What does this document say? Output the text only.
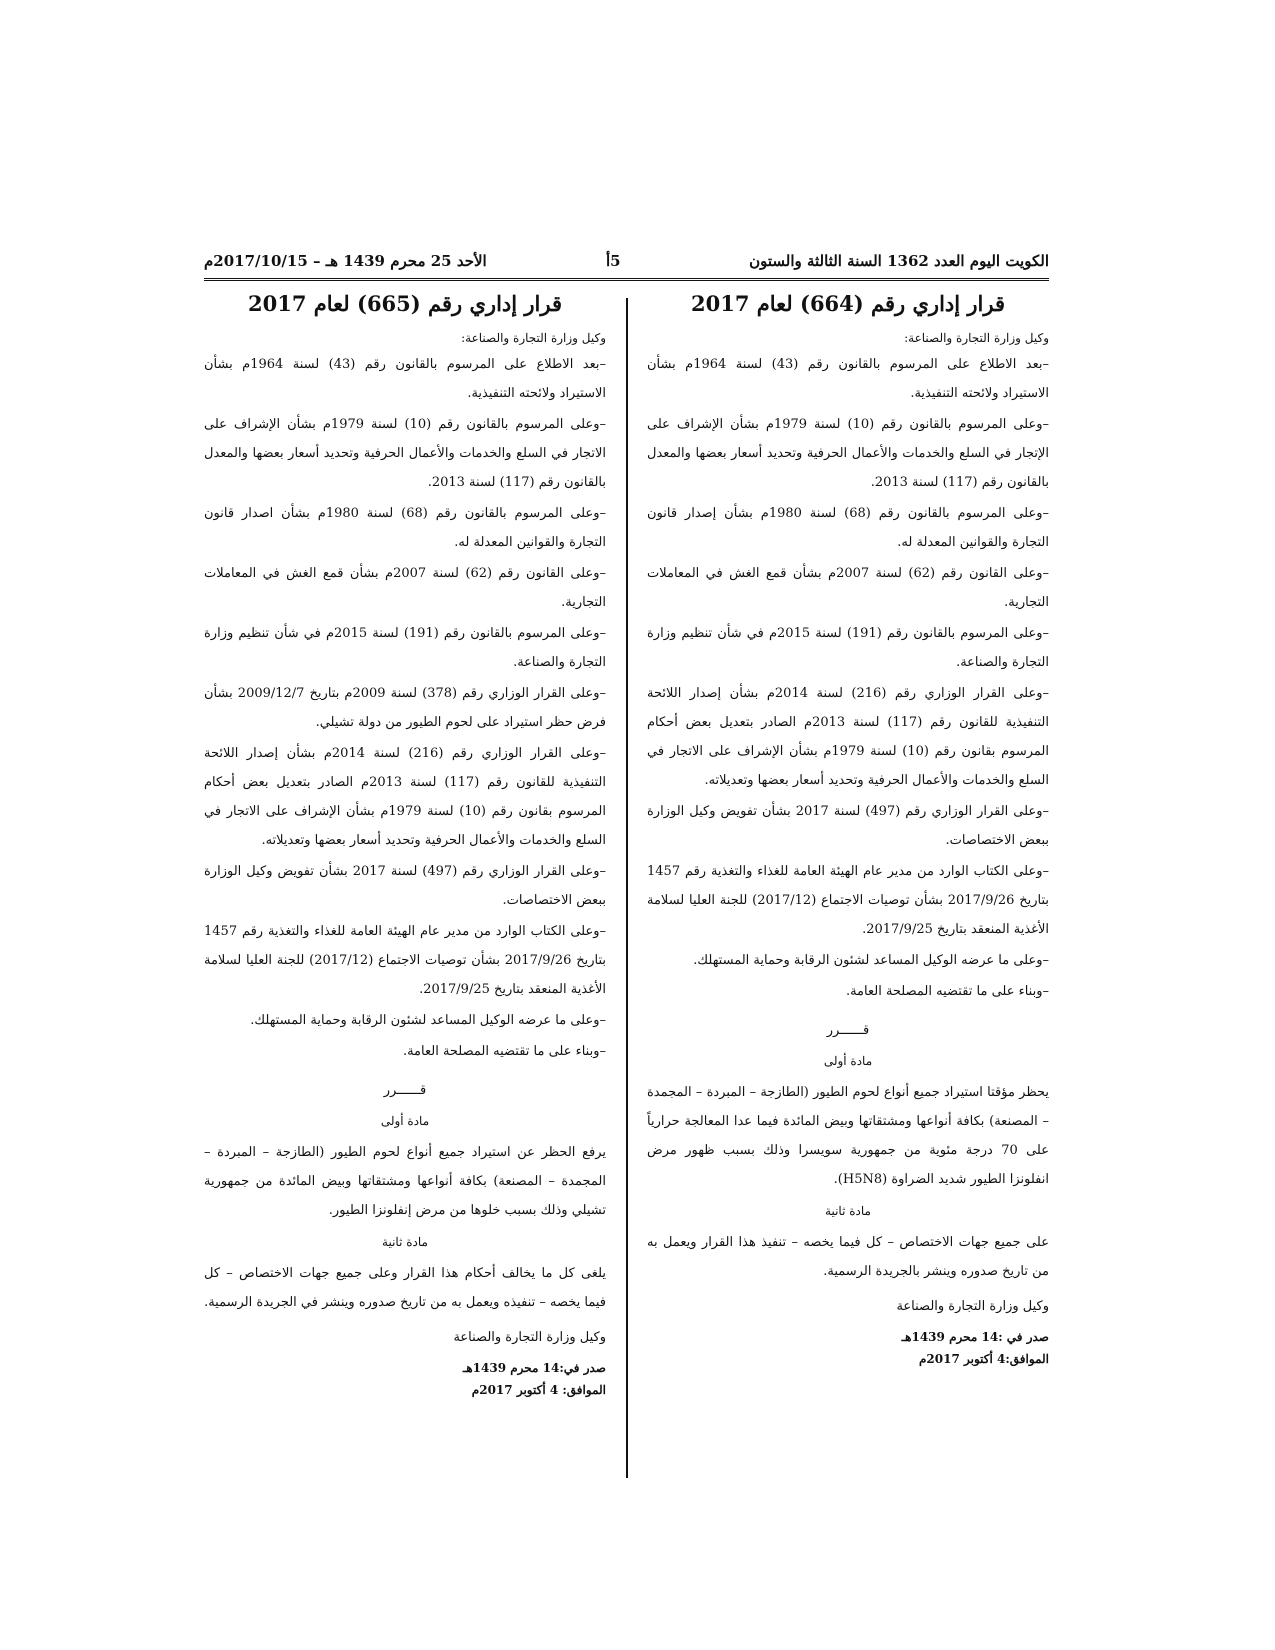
الكويت اليوم العدد 1362 السنة الثالثة والستون
5أ
الأحد 25 محرم 1439 هـ – 2017/10/15م
قرار إداري رقم (664) لعام 2017
وكيل وزارة التجارة والصناعة:

–بعد الاطلاع على المرسوم بالقانون رقم (43) لسنة 1964م بشأن الاستيراد ولائحته التنفيذية.

–وعلى المرسوم بالقانون رقم (10) لسنة 1979م بشأن الإشراف على الإتجار في السلع والخدمات والأعمال الحرفية وتحديد أسعار بعضها والمعدل بالقانون رقم (117) لسنة 2013.

–وعلى المرسوم بالقانون رقم (68) لسنة 1980م بشأن إصدار قانون التجارة والقوانين المعدلة له.

–وعلى القانون رقم (62) لسنة 2007م بشأن قمع الغش في المعاملات التجارية.

–وعلى المرسوم بالقانون رقم (191) لسنة 2015م في شأن تنظيم وزارة التجارة والصناعة.

–وعلى القرار الوزاري رقم (216) لسنة 2014م بشأن إصدار اللائحة التنفيذية للقانون رقم (117) لسنة 2013م الصادر بتعديل بعض أحكام المرسوم بقانون رقم (10) لسنة 1979م بشأن الإشراف على الاتجار في السلع والخدمات والأعمال الحرفية وتحديد أسعار بعضها وتعديلاته.

–وعلى القرار الوزاري رقم (497) لسنة 2017 بشأن تفويض وكيل الوزارة ببعض الاختصاصات.

–وعلى الكتاب الوارد من مدير عام الهيئة العامة للغذاء والتغذية رقم 1457 بتاريخ 2017/9/26 بشأن توصيات الاجتماع (2017/12) للجنة العليا لسلامة الأغذية المنعقد بتاريخ 2017/9/25.

–وعلى ما عرضه الوكيل المساعد لشئون الرقابة وحماية المستهلك.

–وبناء على ما تقتضيه المصلحة العامة.

قــــــرر
مادة أولى

يحظر مؤقتا استيراد جميع أنواع لحوم الطيور (الطازجة – المبردة – المجمدة – المصنعة) بكافة أنواعها ومشتقاتها وبيض المائدة فيما عدا المعالجة حرارياً على 70 درجة مئوية من جمهورية سويسرا وذلك بسبب ظهور مرض انفلونزا الطيور شديد الضراوة (H5N8).

مادة ثانية

على جميع جهات الاختصاص – كل فيما يخصه – تنفيذ هذا القرار ويعمل به من تاريخ صدوره وينشر بالجريدة الرسمية.

وكيل وزارة التجارة والصناعة

صدر في :14 محرم 1439هـ

الموافق:4 أكتوبر 2017م

قرار إداري رقم (665) لعام 2017
وكيل وزارة التجارة والصناعة:

–بعد الاطلاع على المرسوم بالقانون رقم (43) لسنة 1964م بشأن الاستيراد ولائحته التنفيذية.

–وعلى المرسوم بالقانون رقم (10) لسنة 1979م بشأن الإشراف على الاتجار في السلع والخدمات والأعمال الحرفية وتحديد أسعار بعضها والمعدل بالقانون رقم (117) لسنة 2013.

–وعلى المرسوم بالقانون رقم (68) لسنة 1980م بشأن اصدار قانون التجارة والقوانين المعدلة له.

–وعلى القانون رقم (62) لسنة 2007م بشأن قمع الغش في المعاملات التجارية.

–وعلى المرسوم بالقانون رقم (191) لسنة 2015م في شأن تنظيم وزارة التجارة والصناعة.

–وعلى القرار الوزاري رقم (378) لسنة 2009م بتاريخ 2009/12/7 بشأن فرض حظر استيراد على لحوم الطيور من دولة تشيلي.

–وعلى القرار الوزاري رقم (216) لسنة 2014م بشأن إصدار اللائحة التنفيذية للقانون رقم (117) لسنة 2013م الصادر بتعديل بعض أحكام المرسوم بقانون رقم (10) لسنة 1979م بشأن الإشراف على الاتجار في السلع والخدمات والأعمال الحرفية وتحديد أسعار بعضها وتعديلاته.

–وعلى القرار الوزاري رقم (497) لسنة 2017 بشأن تفويض وكيل الوزارة ببعض الاختصاصات.

–وعلى الكتاب الوارد من مدير عام الهيئة العامة للغذاء والتغذية رقم 1457 بتاريخ 2017/9/26 بشأن توصيات الاجتماع (2017/12) للجنة العليا لسلامة الأغذية المنعقد بتاريخ 2017/9/25.

–وعلى ما عرضه الوكيل المساعد لشئون الرقابة وحماية المستهلك.

–وبناء على ما تقتضيه المصلحة العامة.

قــــــرر
مادة أولى

يرفع الحظر عن استيراد جميع أنواع لحوم الطيور (الطازجة – المبردة – المجمدة – المصنعة) بكافة أنواعها ومشتقاتها وبيض المائدة من جمهورية تشيلي وذلك بسبب خلوها من مرض إنفلونزا الطيور.

مادة ثانية

يلغى كل ما يخالف أحكام هذا القرار وعلى جميع جهات الاختصاص – كل فيما يخصه – تنفيذه ويعمل به من تاريخ صدوره وينشر في الجريدة الرسمية.

وكيل وزارة التجارة والصناعة

صدر في:14 محرم 1439هـ

الموافق: 4 أكتوبر 2017م
